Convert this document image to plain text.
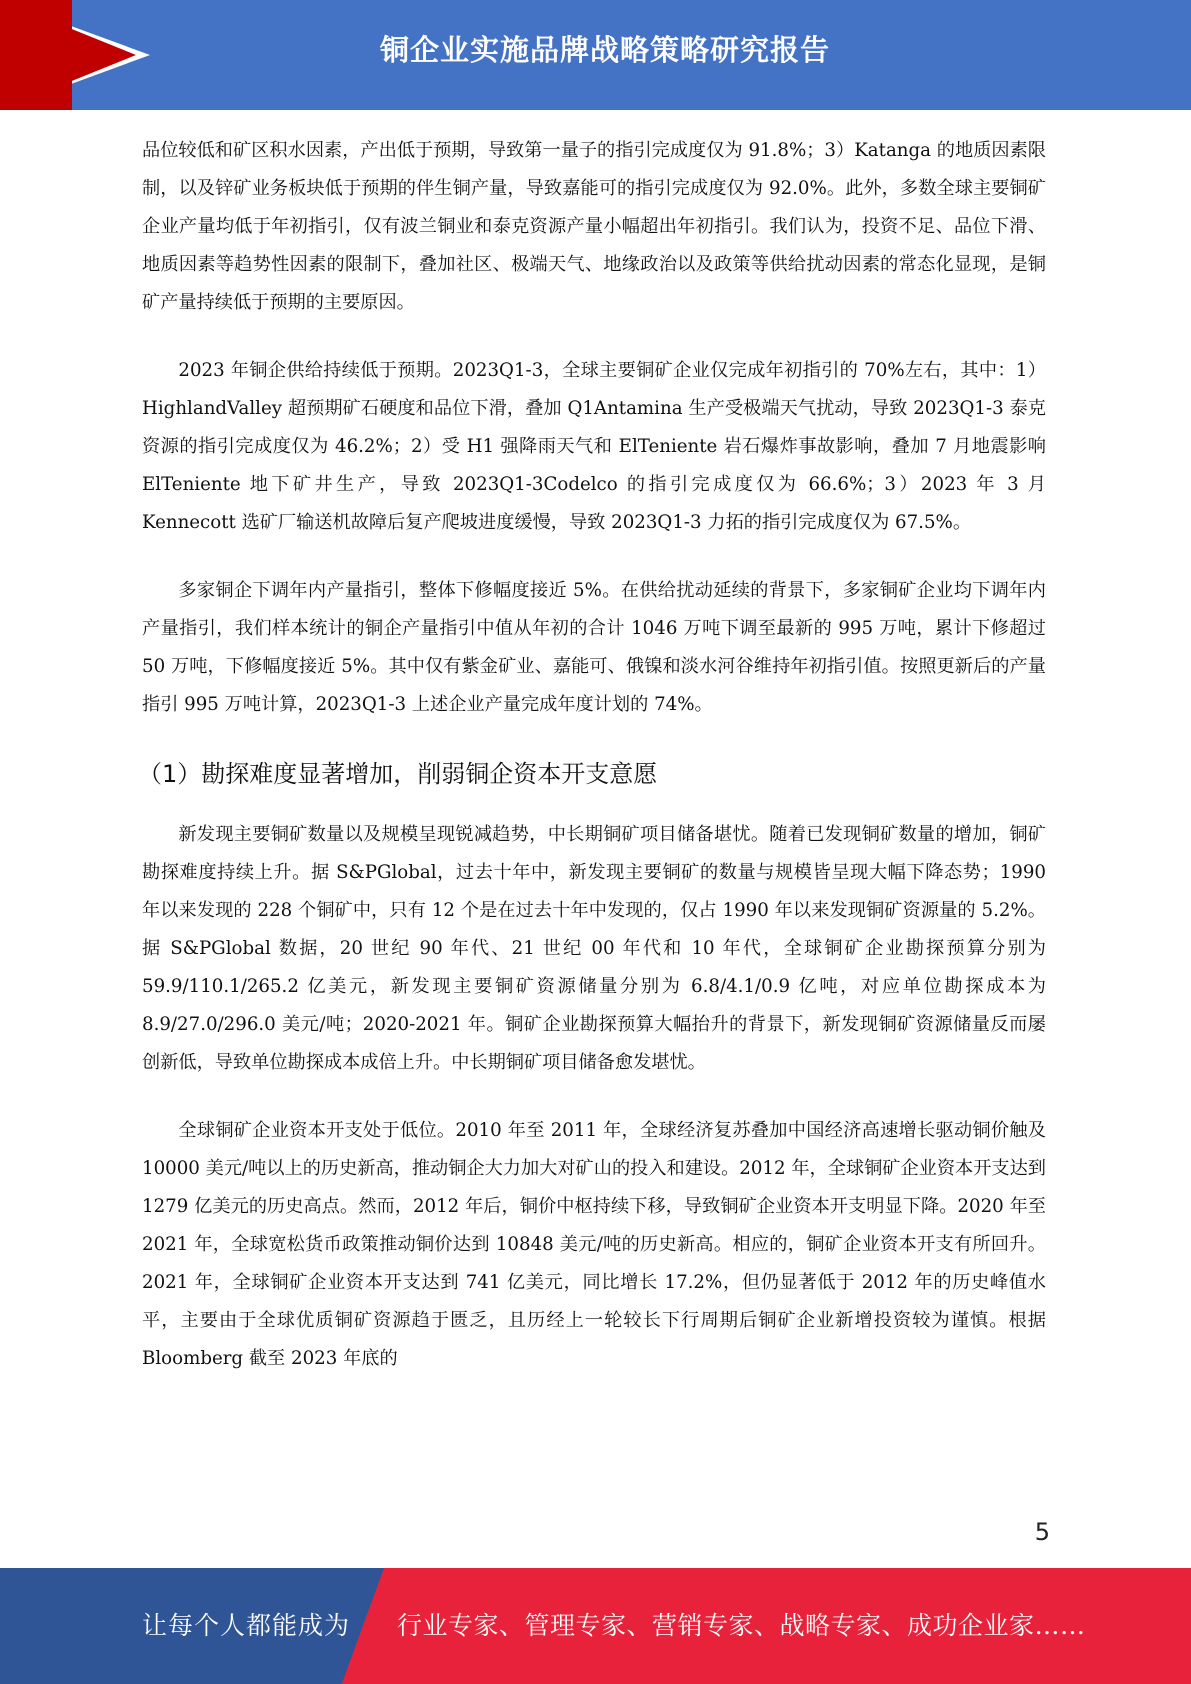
铜企业实施品牌战略策略研究报告

品位较低和矿区积水因素，产出低于预期，导致第一量子的指引完成度仅为 91.8%；3）Katanga 的地质因素限制，以及锌矿业务板块低于预期的伴生铜产量，导致嘉能可的指引完成度仅为 92.0%。此外，多数全球主要铜矿企业产量均低于年初指引，仅有波兰铜业和泰克资源产量小幅超出年初指引。我们认为，投资不足、品位下滑、地质因素等趋势性因素的限制下，叠加社区、极端天气、地缘政治以及政策等供给扰动因素的常态化显现，是铜矿产量持续低于预期的主要原因。

2023 年铜企供给持续低于预期。2023Q1-3，全球主要铜矿企业仅完成年初指引的 70%左右，其中：1）HighlandValley 超预期矿石硬度和品位下滑，叠加 Q1Antamina 生产受极端天气扰动，导致 2023Q1-3 泰克资源的指引完成度仅为 46.2%；2）受 H1 强降雨天气和 ElTeniente 岩石爆炸事故影响，叠加 7 月地震影响 ElTeniente 地下矿井生产，导致 2023Q1-3Codelco 的指引完成度仅为 66.6%；3）2023 年 3 月 Kennecott 选矿厂输送机故障后复产爬坡进度缓慢，导致 2023Q1-3 力拓的指引完成度仅为 67.5%。

多家铜企下调年内产量指引，整体下修幅度接近 5%。在供给扰动延续的背景下，多家铜矿企业均下调年内产量指引，我们样本统计的铜企产量指引中值从年初的合计 1046 万吨下调至最新的 995 万吨，累计下修超过 50 万吨，下修幅度接近 5%。其中仅有紫金矿业、嘉能可、俄镍和淡水河谷维持年初指引值。按照更新后的产量指引 995 万吨计算，2023Q1-3 上述企业产量完成年度计划的 74%。

（1）勘探难度显著增加，削弱铜企资本开支意愿

新发现主要铜矿数量以及规模呈现锐减趋势，中长期铜矿项目储备堪忧。随着已发现铜矿数量的增加，铜矿勘探难度持续上升。据 S&PGlobal，过去十年中，新发现主要铜矿的数量与规模皆呈现大幅下降态势；1990 年以来发现的 228 个铜矿中，只有 12 个是在过去十年中发现的，仅占 1990 年以来发现铜矿资源量的 5.2%。据 S&PGlobal 数据，20 世纪 90 年代、21 世纪 00 年代和 10 年代，全球铜矿企业勘探预算分别为 59.9/110.1/265.2 亿美元，新发现主要铜矿资源储量分别为 6.8/4.1/0.9 亿吨，对应单位勘探成本为 8.9/27.0/296.0 美元/吨；2020-2021 年。铜矿企业勘探预算大幅抬升的背景下，新发现铜矿资源储量反而屡创新低，导致单位勘探成本成倍上升。中长期铜矿项目储备愈发堪忧。

全球铜矿企业资本开支处于低位。2010 年至 2011 年，全球经济复苏叠加中国经济高速增长驱动铜价触及 10000 美元/吨以上的历史新高，推动铜企大力加大对矿山的投入和建设。2012 年，全球铜矿企业资本开支达到 1279 亿美元的历史高点。然而，2012 年后，铜价中枢持续下移，导致铜矿企业资本开支明显下降。2020 年至 2021 年，全球宽松货币政策推动铜价达到 10848 美元/吨的历史新高。相应的，铜矿企业资本开支有所回升。2021 年，全球铜矿企业资本开支达到 741 亿美元，同比增长 17.2%，但仍显著低于 2012 年的历史峰值水平，主要由于全球优质铜矿资源趋于匮乏，且历经上一轮较长下行周期后铜矿企业新增投资较为谨慎。根据 Bloomberg 截至 2023 年底的

5
让每个人都能成为 行业专家、管理专家、营销专家、战略专家、成功企业家……
